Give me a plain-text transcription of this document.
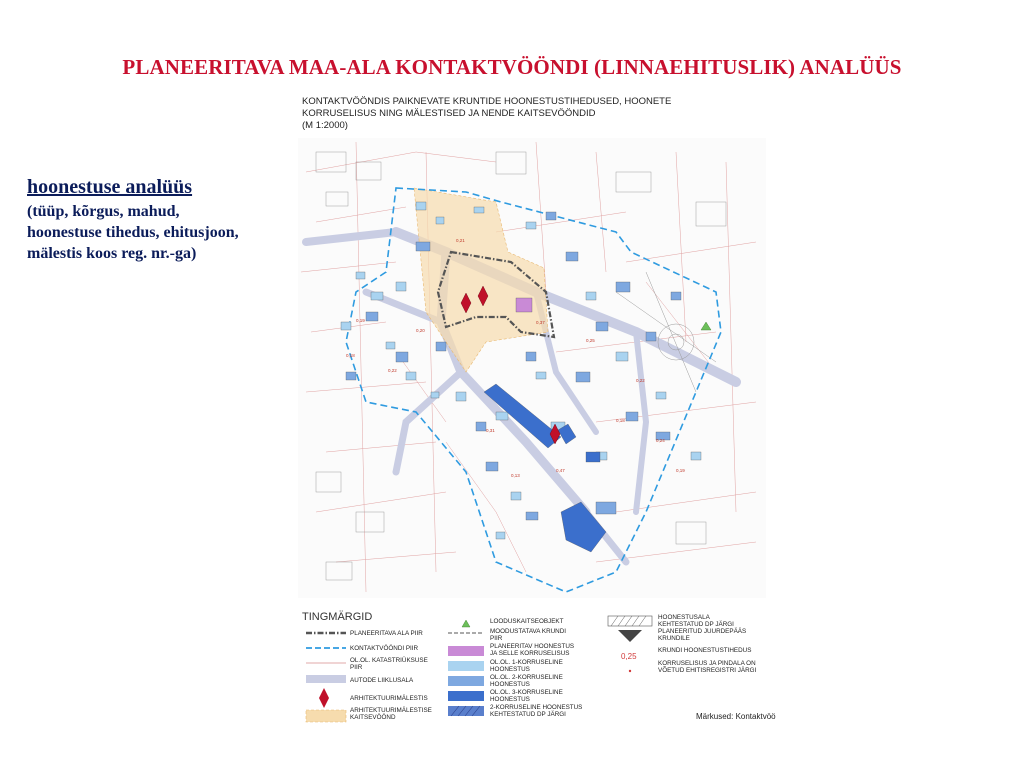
PLANEERITAVA MAA-ALA KONTAKTVÖÖNDI (LINNAEHITUSLIK) ANALÜÜS
hoonestuse analüüs
(tüüp, kõrgus, mahud,
hoonestuse tihedus, ehitusjoon,
mälestis koos reg. nr.-ga)
KONTAKTVÖÖNDIS PAIKNEVATE KRUNTIDE HOONESTUSTIHEDUSED, HOONETE
KORRUSELISUS NING MÄLESTISED JA NENDE KAITSEVÖÖNDID
(M 1:2000)
0,19
0,22
0,18
0,21
0,37
0,25
0,22
0,24
0,47
0,13
0,31
0,18
0,19
0,20
TINGMÄRGID
PLANEERITAVA ALA PIIR
KONTAKTVÖÖNDI PIIR
OL.OL. KATASTRIÜKSUSE
PIIR
AUTODE LIIKLUSALA
ARHITEKTUURIMÄLESTIS
ARHITEKTUURIMÄLESTISE
KAITSEVÖÖND
LOODUSKAITSEOBJEKT
MOODUSTATAVA KRUNDI
PIIR
PLANEERITAV HOONESTUS
JA SELLE KORRUSELISUS
OL.OL. 1-KORRUSELINE
HOONESTUS
OL.OL. 2-KORRUSELINE
HOONESTUS
OL.OL. 3-KORRUSELINE
HOONESTUS
2-KORRUSELINE HOONESTUS
KEHTESTATUD DP JÄRGI
0,25
HOONESTUSALA
KEHTESTATUD DP JÄRGI
PLANEERITUD JUURDEPÄÄS
KRUNDILE
KRUNDI HOONESTUSTIHEDUS
KORRUSELISUS JA PINDALA ON
VÕETUD EHITISREGISTRI JÄRGI
Märkused: Kontaktvöö
